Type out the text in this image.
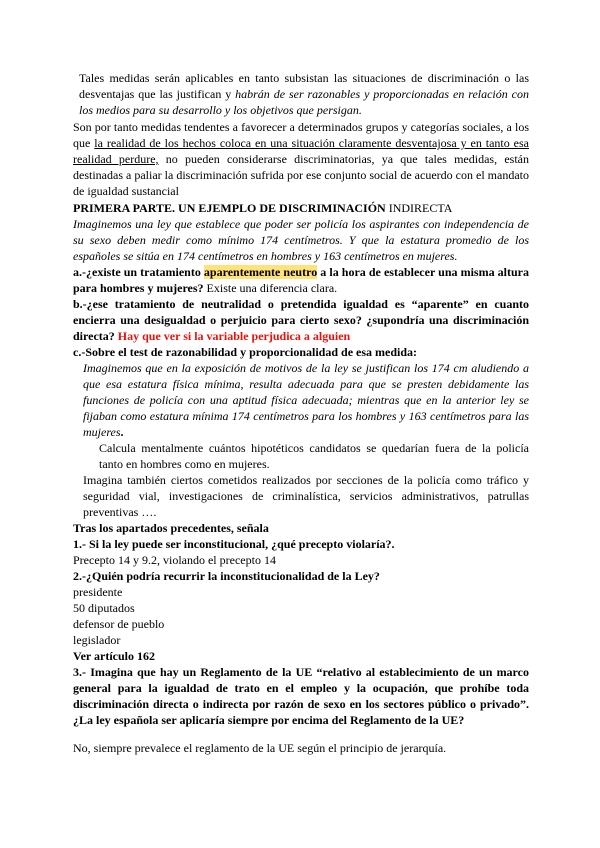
Tales medidas serán aplicables en tanto subsistan las situaciones de discriminación o las desventajas que las justifican y habrán de ser razonables y proporcionadas en relación con los medios para su desarrollo y los objetivos que persigan.

Son por tanto medidas tendentes a favorecer a determinados grupos y categorías sociales, a los que la realidad de los hechos coloca en una situación claramente desventajosa y en tanto esa realidad perdure, no pueden considerarse discriminatorias, ya que tales medidas, están destinadas a paliar la discriminación sufrida por ese conjunto social de acuerdo con el mandato de igualdad sustancial

PRIMERA PARTE. UN EJEMPLO DE DISCRIMINACIÓN INDIRECTA

Imaginemos una ley que establece que poder ser policía los aspirantes con independencia de su sexo deben medir como mínimo 174 centímetros. Y que la estatura promedio de los españoles se sitúa en 174 centímetros en hombres y 163 centímetros en mujeres.

a.-¿existe un tratamiento aparentemente neutro a la hora de establecer una misma altura para hombres y mujeres? Existe una diferencia clara.

b.-¿ese tratamiento de neutralidad o pretendida igualdad es “aparente” en cuanto encierra una desigualdad o perjuicio para cierto sexo? ¿supondría una discriminación directa? Hay que ver si la variable perjudica a alguien

c.-Sobre el test de razonabilidad y proporcionalidad de esa medida:

Imaginemos que en la exposición de motivos de la ley se justifican los 174 cm aludiendo a que esa estatura física mínima, resulta adecuada para que se presten debidamente las funciones de policía con una aptitud física adecuada; mientras que en la anterior ley se fijaban como estatura mínima 174 centímetros para los hombres y 163 centímetros para las mujeres.

Calcula mentalmente cuántos hipotéticos candidatos se quedarían fuera de la policía tanto en hombres como en mujeres.

Imagina también ciertos cometidos realizados por secciones de la policía como tráfico y seguridad vial, investigaciones de criminalística, servicios administrativos, patrullas preventivas ….

Tras los apartados precedentes, señala

1.- Si la ley puede ser inconstitucional, ¿qué precepto violaría?.

Precepto 14 y 9.2, violando el precepto 14

2.-¿Quién podría recurrir la inconstitucionalidad de la Ley?

presidente

50 diputados

defensor de pueblo

legislador

Ver artículo 162

3.- Imagina que hay un Reglamento de la UE “relativo al establecimiento de un marco general para la igualdad de trato en el empleo y la ocupación, que prohíbe toda discriminación directa o indirecta por razón de sexo en los sectores público o privado”. ¿La ley española ser aplicaría siempre por encima del Reglamento de la UE?

No, siempre prevalece el reglamento de la UE según el principio de jerarquía.
